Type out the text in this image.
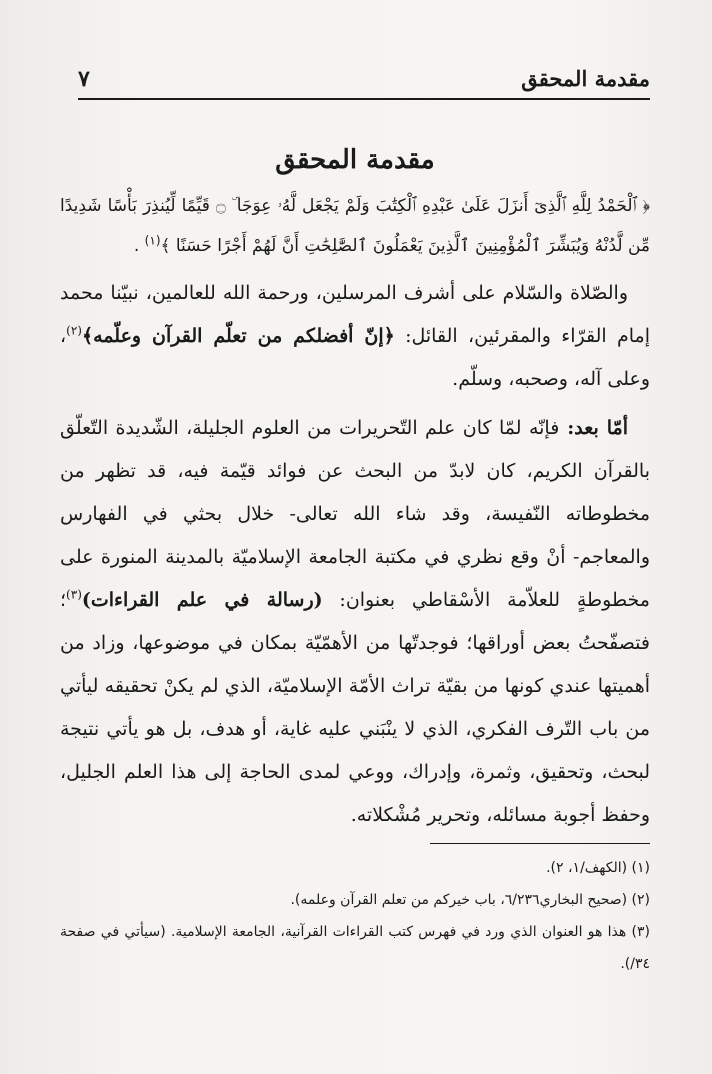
مقدمة المحقق
٧
مقدمة المحقق

﴿ ٱلْحَمْدُ لِلَّهِ ٱلَّذِىٓ أَنزَلَ عَلَىٰ عَبْدِهِ ٱلْكِتَٰبَ وَلَمْ يَجْعَل لَّهُۥ عِوَجَا ۜ ۝ قَيِّمًا لِّيُنذِرَ بَأْسًا شَدِيدًا

مِّن لَّدُنْهُ وَيُبَشِّرَ ٱلْمُؤْمِنِينَ ٱلَّذِينَ يَعْمَلُونَ ٱلصَّٰلِحَٰتِ أَنَّ لَهُمْ أَجْرًا حَسَنًا ﴾$^{(١)}$ .

والصّلاة والسّلام على أشرف المرسلين، ورحمة الله للعالمين، نبيّنا محمد إمام القرّاء والمقرئين، القائل: ﴿إنّ أفضلكم من تعلّم القرآن وعلّمه﴾$^{(٢)}$، وعلى آله، وصحبه، وسلّم.

أمّا بعد: فإنّه لمّا كان علم التّحريرات من العلوم الجليلة، الشّديدة التّعلّق بالقرآن الكريم، كان لابدّ من البحث عن فوائد قيّمة فيه، قد تظهر من مخطوطاته النّفيسة، وقد شاء الله تعالى- خلال بحثي في الفهارس والمعاجم- أنْ وقع نظري في مكتبة الجامعة الإسلاميّة بالمدينة المنورة على مخطوطةٍ للعلاّمة الأسْقاطي بعنوان: (رسالة في علم القراءات)$^{(٣)}$؛ فتصفّحتُ بعض أوراقها؛ فوجدتّها من الأهمّيّة بمكان في موضوعها، وزاد من أهميتها عندي كونها من بقيّة تراث الأمّة الإسلاميّة، الذي لم يكنْ تحقيقه ليأتي من باب التّرف الفكري، الذي لا ينْبَني عليه غاية، أو هدف، بل هو يأتي نتيجة لبحث، وتحقيق، وثمرة، وإدراك، ووعي لمدى الحاجة إلى هذا العلم الجليل، وحفظ أجوبة مسائله، وتحرير مُشْكلاته.

(١) (الكهف/١، ٢).

(٢) (صحيح البخاري٦/٢٣٦، باب خيركم من تعلم القرآن وعلمه).

(٣) هذا هو العنوان الذي ورد في فهرس كتب القراءات القرآنية، الجامعة الإسلامية. (سيأتي في صفحة ٣٤/).
